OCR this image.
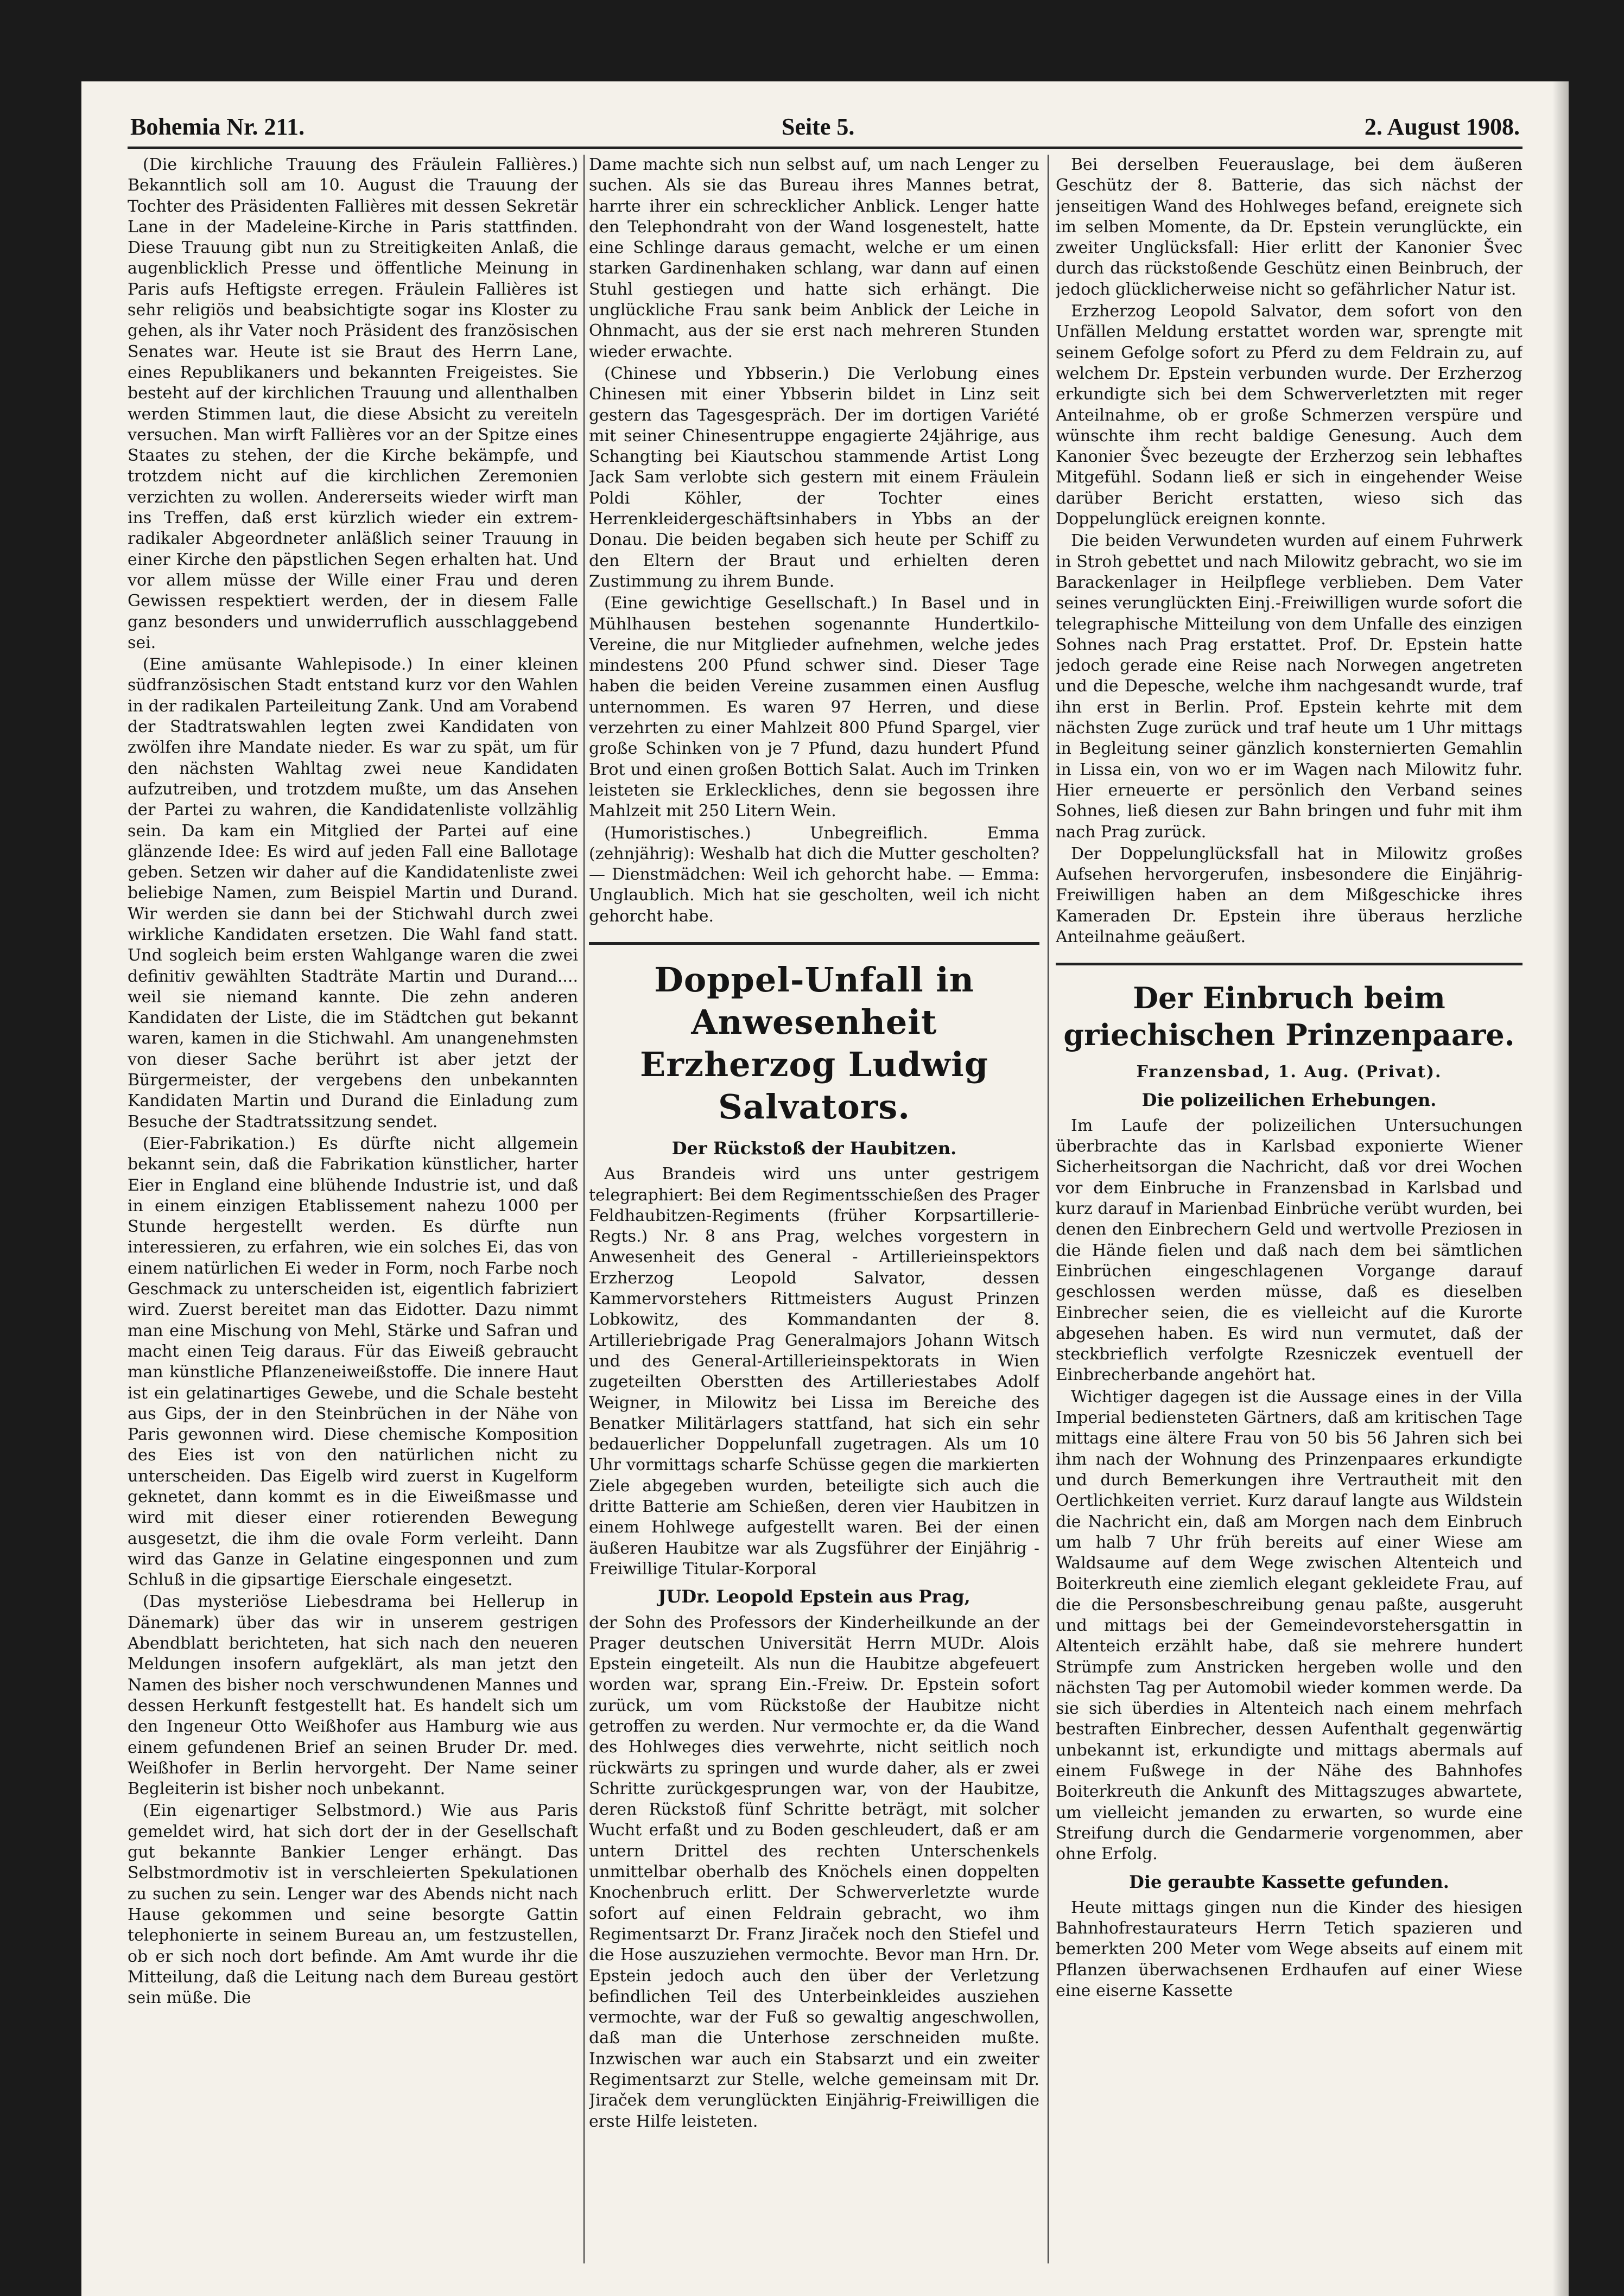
Bohemia Nr. 211.	Seite 5.	2. August 1908.

(Die kirchliche Trauung des Fräulein Fallières.) Bekanntlich soll am 10. August die Trauung der Tochter des Präsidenten Fallières mit dessen Sekretär Lane in der Madeleine-Kirche in Paris stattfinden. Diese Trauung gibt nun zu Streitigkeiten Anlaß, die augenblicklich Presse und öffentliche Meinung in Paris aufs Heftigste erregen. Fräulein Fallières ist sehr religiös und beabsichtigte sogar ins Kloster zu gehen, als ihr Vater noch Präsident des französischen Senates war. Heute ist sie Braut des Herrn Lane, eines Republikaners und bekannten Freigeistes. Sie besteht auf der kirchlichen Trauung und allenthalben werden Stimmen laut, die diese Absicht zu vereiteln versuchen. Man wirft Fallières vor an der Spitze eines Staates zu stehen, der die Kirche bekämpfe, und trotzdem nicht auf die kirchlichen Zeremonien verzichten zu wollen. Andererseits wieder wirft man ins Treffen, daß erst kürzlich wieder ein extrem-radikaler Abgeordneter anläßlich seiner Trauung in einer Kirche den päpstlichen Segen erhalten hat. Und vor allem müsse der Wille einer Frau und deren Gewissen respektiert werden, der in diesem Falle ganz besonders und unwiderruflich ausschlaggebend sei.

(Eine amüsante Wahlepisode.) In einer kleinen südfranzösischen Stadt entstand kurz vor den Wahlen in der radikalen Parteileitung Zank. Und am Vorabend der Stadtratswahlen legten zwei Kandidaten von zwölfen ihre Mandate nieder. Es war zu spät, um für den nächsten Wahltag zwei neue Kandidaten aufzutreiben, und trotzdem mußte, um das Ansehen der Partei zu wahren, die Kandidatenliste vollzählig sein. Da kam ein Mitglied der Partei auf eine glänzende Idee: Es wird auf jeden Fall eine Ballotage geben. Setzen wir daher auf die Kandidatenliste zwei beliebige Namen, zum Beispiel Martin und Durand. Wir werden sie dann bei der Stichwahl durch zwei wirkliche Kandidaten ersetzen. Die Wahl fand statt. Und sogleich beim ersten Wahlgange waren die zwei definitiv gewählten Stadträte Martin und Durand.... weil sie niemand kannte. Die zehn anderen Kandidaten der Liste, die im Städtchen gut bekannt waren, kamen in die Stichwahl. Am unangenehmsten von dieser Sache berührt ist aber jetzt der Bürgermeister, der vergebens den unbekannten Kandidaten Martin und Durand die Einladung zum Besuche der Stadtratssitzung sendet.

(Eier-Fabrikation.) Es dürfte nicht allgemein bekannt sein, daß die Fabrikation künstlicher, harter Eier in England eine blühende Industrie ist, und daß in einem einzigen Etablissement nahezu 1000 per Stunde hergestellt werden. Es dürfte nun interessieren, zu erfahren, wie ein solches Ei, das von einem natürlichen Ei weder in Form, noch Farbe noch Geschmack zu unterscheiden ist, eigentlich fabriziert wird. Zuerst bereitet man das Eidotter. Dazu nimmt man eine Mischung von Mehl, Stärke und Safran und macht einen Teig daraus. Für das Eiweiß gebraucht man künstliche Pflanzeneiweißstoffe. Die innere Haut ist ein gelatinartiges Gewebe, und die Schale besteht aus Gips, der in den Steinbrüchen in der Nähe von Paris gewonnen wird. Diese chemische Komposition des Eies ist von den natürlichen nicht zu unterscheiden. Das Eigelb wird zuerst in Kugelform geknetet, dann kommt es in die Eiweißmasse und wird mit dieser einer rotierenden Bewegung ausgesetzt, die ihm die ovale Form verleiht. Dann wird das Ganze in Gelatine eingesponnen und zum Schluß in die gipsartige Eierschale eingesetzt.

(Das mysteriöse Liebesdrama bei Hellerup in Dänemark) über das wir in unserem gestrigen Abendblatt berichteten, hat sich nach den neueren Meldungen insofern aufgeklärt, als man jetzt den Namen des bisher noch verschwundenen Mannes und dessen Herkunft festgestellt hat. Es handelt sich um den Ingeneur Otto Weißhofer aus Hamburg wie aus einem gefundenen Brief an seinen Bruder Dr. med. Weißhofer in Berlin hervorgeht. Der Name seiner Begleiterin ist bisher noch unbekannt.

(Ein eigenartiger Selbstmord.) Wie aus Paris gemeldet wird, hat sich dort der in der Gesellschaft gut bekannte Bankier Lenger erhängt. Das Selbstmordmotiv ist in verschleierten Spekulationen zu suchen zu sein. Lenger war des Abends nicht nach Hause gekommen und seine besorgte Gattin telephonierte in seinem Bureau an, um festzustellen, ob er sich noch dort befinde. Am Amt wurde ihr die Mitteilung, daß die Leitung nach dem Bureau gestört sein müße. Die

Dame machte sich nun selbst auf, um nach Lenger zu suchen. Als sie das Bureau ihres Mannes betrat, harrte ihrer ein schrecklicher Anblick. Lenger hatte den Telephondraht von der Wand losgenestelt, hatte eine Schlinge daraus gemacht, welche er um einen starken Gardinenhaken schlang, war dann auf einen Stuhl gestiegen und hatte sich erhängt. Die unglückliche Frau sank beim Anblick der Leiche in Ohnmacht, aus der sie erst nach mehreren Stunden wieder erwachte.

(Chinese und Ybbserin.) Die Verlobung eines Chinesen mit einer Ybbserin bildet in Linz seit gestern das Tagesgespräch. Der im dortigen Variété mit seiner Chinesentruppe engagierte 24jährige, aus Schangting bei Kiautschou stammende Artist Long Jack Sam verlobte sich gestern mit einem Fräulein Poldi Köhler, der Tochter eines Herrenkleidergeschäftsinhabers in Ybbs an der Donau. Die beiden begaben sich heute per Schiff zu den Eltern der Braut und erhielten deren Zustimmung zu ihrem Bunde.

(Eine gewichtige Gesellschaft.) In Basel und in Mühlhausen bestehen sogenannte Hundertkilo-Vereine, die nur Mitglieder aufnehmen, welche jedes mindestens 200 Pfund schwer sind. Dieser Tage haben die beiden Vereine zusammen einen Ausflug unternommen. Es waren 97 Herren, und diese verzehrten zu einer Mahlzeit 800 Pfund Spargel, vier große Schinken von je 7 Pfund, dazu hundert Pfund Brot und einen großen Bottich Salat. Auch im Trinken leisteten sie Erkleckliches, denn sie begossen ihre Mahlzeit mit 250 Litern Wein.

(Humoristisches.) Unbegreiflich. Emma (zehnjährig): Weshalb hat dich die Mutter gescholten? — Dienstmädchen: Weil ich gehorcht habe. — Emma: Unglaublich. Mich hat sie gescholten, weil ich nicht gehorcht habe.

Doppel-Unfall in Anwesenheit Erzherzog Ludwig Salvators.
Der Rückstoß der Haubitzen.

Aus Brandeis wird uns unter gestrigem telegraphiert: Bei dem Regimentsschießen des Prager Feldhaubitzen-Regiments (früher Korpsartillerie-Regts.) Nr. 8 ans Prag, welches vorgestern in Anwesenheit des General - Artillerieinspektors Erzherzog Leopold Salvator, dessen Kammervorstehers Rittmeisters August Prinzen Lobkowitz, des Kommandanten der 8. Artilleriebrigade Prag Generalmajors Johann Witsch und des General-Artillerieinspektorats in Wien zugeteilten Oberstten des Artilleriestabes Adolf Weigner, in Milowitz bei Lissa im Bereiche des Benatker Militärlagers stattfand, hat sich ein sehr bedauerlicher Doppelunfall zugetragen. Als um 10 Uhr vormittags scharfe Schüsse gegen die markierten Ziele abgegeben wurden, beteiligte sich auch die dritte Batterie am Schießen, deren vier Haubitzen in einem Hohlwege aufgestellt waren. Bei der einen äußeren Haubitze war als Zugsführer der Einjährig - Freiwillige Titular-Korporal

JUDr. Leopold Epstein aus Prag,

der Sohn des Professors der Kinderheilkunde an der Prager deutschen Universität Herrn MUDr. Alois Epstein eingeteilt. Als nun die Haubitze abgefeuert worden war, sprang Ein.-Freiw. Dr. Epstein sofort zurück, um vom Rückstoße der Haubitze nicht getroffen zu werden. Nur vermochte er, da die Wand des Hohlweges dies verwehrte, nicht seitlich noch rückwärts zu springen und wurde daher, als er zwei Schritte zurückgesprungen war, von der Haubitze, deren Rückstoß fünf Schritte beträgt, mit solcher Wucht erfaßt und zu Boden geschleudert, daß er am untern Drittel des rechten Unterschenkels unmittelbar oberhalb des Knöchels einen doppelten Knochenbruch erlitt. Der Schwerverletzte wurde sofort auf einen Feldrain gebracht, wo ihm Regimentsarzt Dr. Franz Jiraček noch den Stiefel und die Hose auszuziehen vermochte. Bevor man Hrn. Dr. Epstein jedoch auch den über der Verletzung befindlichen Teil des Unterbeinkleides ausziehen vermochte, war der Fuß so gewaltig angeschwollen, daß man die Unterhose zerschneiden mußte. Inzwischen war auch ein Stabsarzt und ein zweiter Regimentsarzt zur Stelle, welche gemeinsam mit Dr. Jiraček dem verunglückten Einjährig-Freiwilligen die erste Hilfe leisteten.

Bei derselben Feuerauslage, bei dem äußeren Geschütz der 8. Batterie, das sich nächst der jenseitigen Wand des Hohlweges befand, ereignete sich im selben Momente, da Dr. Epstein verunglückte, ein zweiter Unglücksfall: Hier erlitt der Kanonier Švec durch das rückstoßende Geschütz einen Beinbruch, der jedoch glücklicherweise nicht so gefährlicher Natur ist.

Erzherzog Leopold Salvator, dem sofort von den Unfällen Meldung erstattet worden war, sprengte mit seinem Gefolge sofort zu Pferd zu dem Feldrain zu, auf welchem Dr. Epstein verbunden wurde. Der Erzherzog erkundigte sich bei dem Schwerverletzten mit reger Anteilnahme, ob er große Schmerzen verspüre und wünschte ihm recht baldige Genesung. Auch dem Kanonier Švec bezeugte der Erzherzog sein lebhaftes Mitgefühl. Sodann ließ er sich in eingehender Weise darüber Bericht erstatten, wieso sich das Doppelunglück ereignen konnte.

Die beiden Verwundeten wurden auf einem Fuhrwerk in Stroh gebettet und nach Milowitz gebracht, wo sie im Barackenlager in Heilpflege verblieben. Dem Vater seines verunglückten Einj.-Freiwilligen wurde sofort die telegraphische Mitteilung von dem Unfalle des einzigen Sohnes nach Prag erstattet. Prof. Dr. Epstein hatte jedoch gerade eine Reise nach Norwegen angetreten und die Depesche, welche ihm nachgesandt wurde, traf ihn erst in Berlin. Prof. Epstein kehrte mit dem nächsten Zuge zurück und traf heute um 1 Uhr mittags in Begleitung seiner gänzlich konsternierten Gemahlin in Lissa ein, von wo er im Wagen nach Milowitz fuhr. Hier erneuerte er persönlich den Verband seines Sohnes, ließ diesen zur Bahn bringen und fuhr mit ihm nach Prag zurück.

Der Doppelunglücksfall hat in Milowitz großes Aufsehen hervorgerufen, insbesondere die Einjährig-Freiwilligen haben an dem Mißgeschicke ihres Kameraden Dr. Epstein ihre überaus herzliche Anteilnahme geäußert.

Der Einbruch beim griechischen Prinzenpaare.

Franzensbad, 1. Aug. (Privat).

Die polizeilichen Erhebungen.

Im Laufe der polizeilichen Untersuchungen überbrachte das in Karlsbad exponierte Wiener Sicherheitsorgan die Nachricht, daß vor drei Wochen vor dem Einbruche in Franzensbad in Karlsbad und kurz darauf in Marienbad Einbrüche verübt wurden, bei denen den Einbrechern Geld und wertvolle Preziosen in die Hände fielen und daß nach dem bei sämtlichen Einbrüchen eingeschlagenen Vorgange darauf geschlossen werden müsse, daß es dieselben Einbrecher seien, die es vielleicht auf die Kurorte abgesehen haben. Es wird nun vermutet, daß der steckbrieflich verfolgte Rzesniczek eventuell der Einbrecherbande angehört hat.

Wichtiger dagegen ist die Aussage eines in der Villa Imperial bediensteten Gärtners, daß am kritischen Tage mittags eine ältere Frau von 50 bis 56 Jahren sich bei ihm nach der Wohnung des Prinzenpaares erkundigte und durch Bemerkungen ihre Vertrautheit mit den Oertlichkeiten verriet. Kurz darauf langte aus Wildstein die Nachricht ein, daß am Morgen nach dem Einbruch um halb 7 Uhr früh bereits auf einer Wiese am Waldsaume auf dem Wege zwischen Altenteich und Boiterkreuth eine ziemlich elegant gekleidete Frau, auf die die Personsbeschreibung genau paßte, ausgeruht und mittags bei der Gemeindevorstehersgattin in Altenteich erzählt habe, daß sie mehrere hundert Strümpfe zum Anstricken hergeben wolle und den nächsten Tag per Automobil wieder kommen werde. Da sie sich überdies in Altenteich nach einem mehrfach bestraften Einbrecher, dessen Aufenthalt gegenwärtig unbekannt ist, erkundigte und mittags abermals auf einem Fußwege in der Nähe des Bahnhofes Boiterkreuth die Ankunft des Mittagszuges abwartete, um vielleicht jemanden zu erwarten, so wurde eine Streifung durch die Gendarmerie vorgenommen, aber ohne Erfolg.

Die geraubte Kassette gefunden.

Heute mittags gingen nun die Kinder des hiesigen Bahnhofrestaurateurs Herrn Tetich spazieren und bemerkten 200 Meter vom Wege abseits auf einem mit Pflanzen überwachsenen Erdhaufen auf einer Wiese eine eiserne Kassette
